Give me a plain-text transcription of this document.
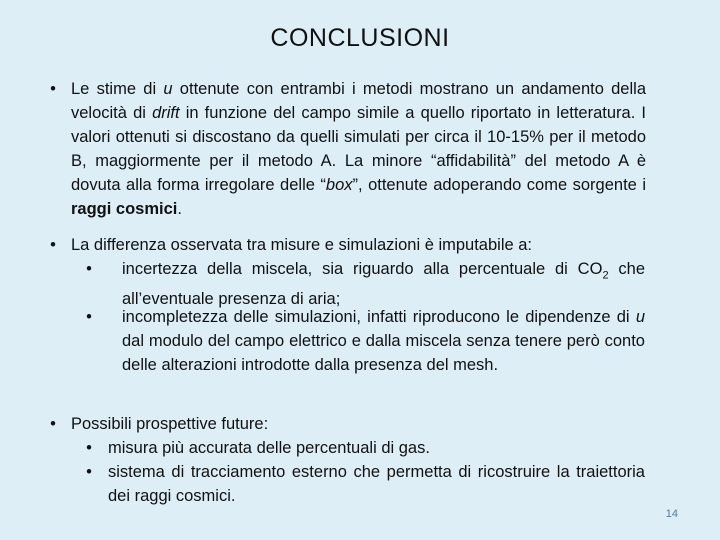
CONCLUSIONI
• Le stime di u ottenute con entrambi i metodi mostrano un andamento della velocità di drift in funzione del campo simile a quello riportato in letteratura. I valori ottenuti si discostano da quelli simulati per circa il 10-15% per il metodo B, maggiormente per il metodo A. La minore “affidabilità” del metodo A è dovuta alla forma irregolare delle “box”, ottenute adoperando come sorgente i raggi cosmici.
• La differenza osservata tra misure e simulazioni è imputabile a:
•	incertezza della miscela, sia riguardo alla percentuale di $CO_2$ che all’eventuale presenza di aria;
•	incompletezza delle simulazioni, infatti riproducono le dipendenze di u dal modulo del campo elettrico e dalla miscela senza tenere però conto delle alterazioni introdotte dalla presenza del mesh.
• Possibili prospettive future:
• misura più accurata delle percentuali di gas.
• sistema di tracciamento esterno che permetta di ricostruire la traiettoria dei raggi cosmici.
14
